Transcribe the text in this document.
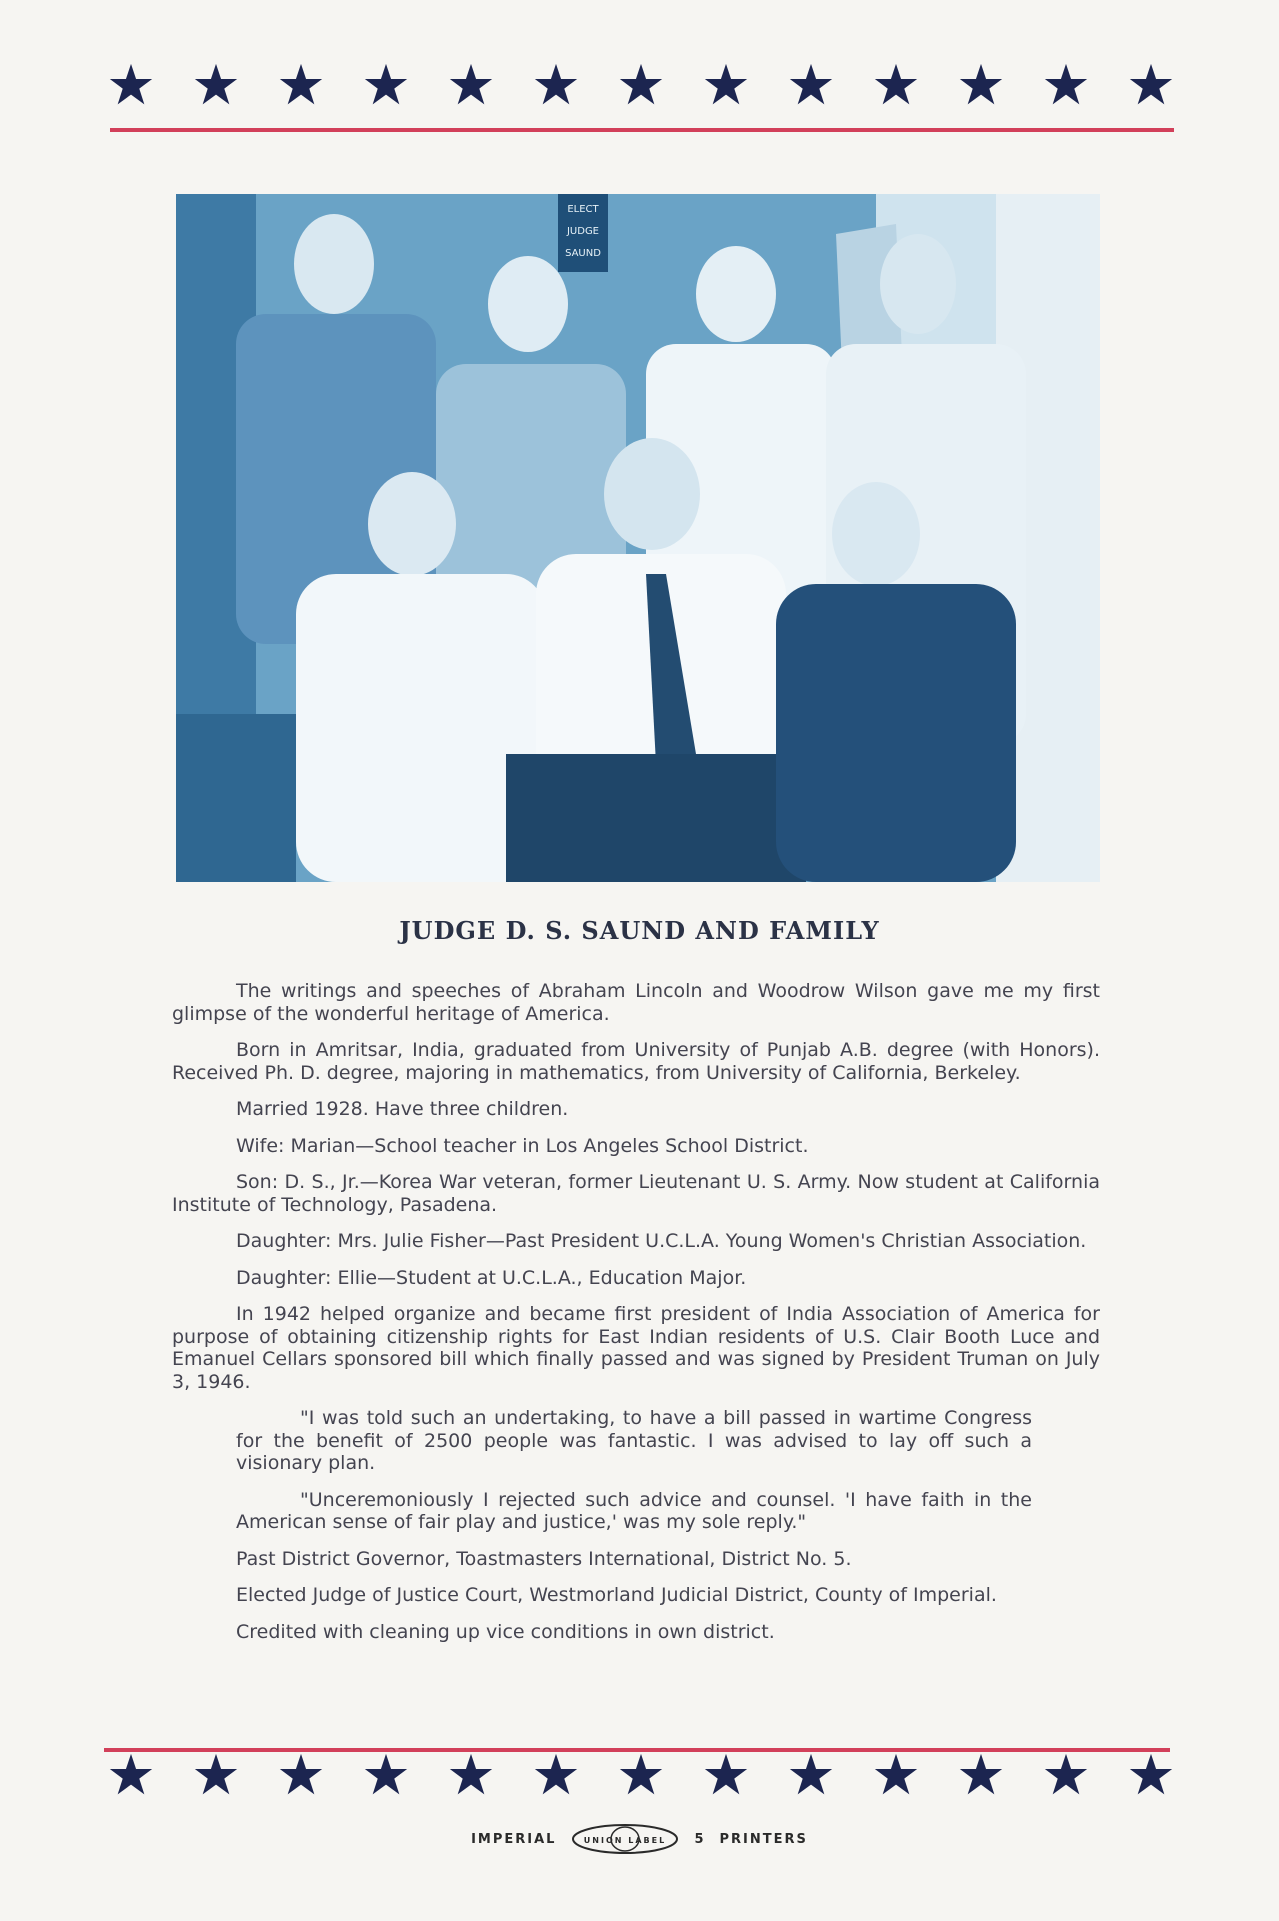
ELECT
JUDGE
SAUND
JUDGE D. S. SAUND AND FAMILY

The writings and speeches of Abraham Lincoln and Woodrow Wilson gave me my first glimpse of the wonderful heritage of America.

Born in Amritsar, India, graduated from University of Punjab A.B. degree (with Honors). Received Ph. D. degree, majoring in mathematics, from University of California, Berkeley.

Married 1928. Have three children.

Wife: Marian—School teacher in Los Angeles School District.

Son: D. S., Jr.—Korea War veteran, former Lieutenant U. S. Army. Now student at California Institute of Technology, Pasadena.

Daughter: Mrs. Julie Fisher—Past President U.C.L.A. Young Women's Christian Association.

Daughter: Ellie—Student at U.C.L.A., Education Major.

In 1942 helped organize and became first president of India Association of America for purpose of obtaining citizenship rights for East Indian residents of U.S. Clair Booth Luce and Emanuel Cellars sponsored bill which finally passed and was signed by President Truman on July 3, 1946.

"I was told such an undertaking, to have a bill passed in wartime Congress for the benefit of 2500 people was fantastic. I was advised to lay off such a visionary plan.

"Unceremoniously I rejected such advice and counsel. 'I have faith in the American sense of fair play and justice,' was my sole reply."

Past District Governor, Toastmasters International, District No. 5.

Elected Judge of Justice Court, Westmorland Judicial District, County of Imperial.

Credited with cleaning up vice conditions in own district.

IMPERIAL	UNION LABEL 5 PRINTERS
